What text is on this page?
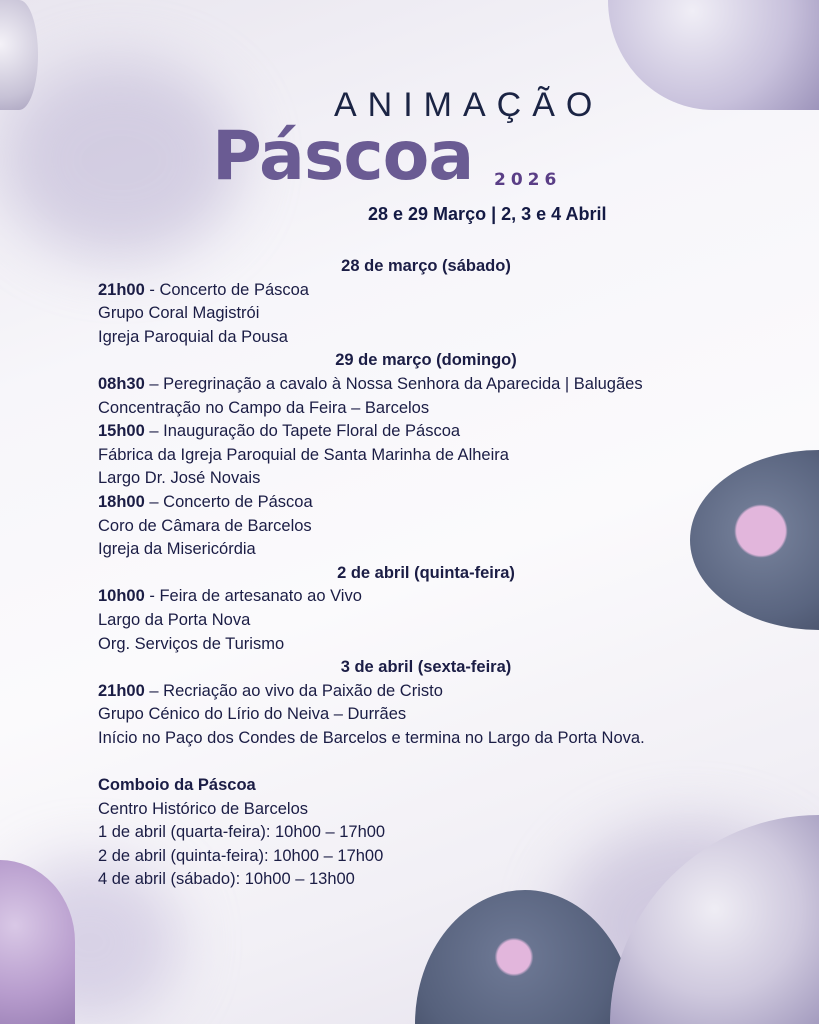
ANIMAÇÃO
Páscoa 2026
28 e 29 Março | 2, 3 e 4 Abril
28 de março (sábado)
21h00 - Concerto de Páscoa
Grupo Coral Magistrói
Igreja Paroquial da Pousa
29 de março (domingo)
08h30 – Peregrinação a cavalo à Nossa Senhora da Aparecida | Balugães
Concentração no Campo da Feira – Barcelos
15h00 – Inauguração do Tapete Floral de Páscoa
Fábrica da Igreja Paroquial de Santa Marinha de Alheira
Largo Dr. José Novais
18h00 – Concerto de Páscoa
Coro de Câmara de Barcelos
Igreja da Misericórdia
2 de abril (quinta-feira)
10h00 - Feira de artesanato ao Vivo
Largo da Porta Nova
Org. Serviços de Turismo
3 de abril (sexta-feira)
21h00 – Recriação ao vivo da Paixão de Cristo
Grupo Cénico do Lírio do Neiva – Durrães
Início no Paço dos Condes de Barcelos e termina no Largo da Porta Nova.
Comboio da Páscoa
Centro Histórico de Barcelos
1 de abril (quarta-feira): 10h00 – 17h00
2 de abril (quinta-feira): 10h00 – 17h00
4 de abril (sábado): 10h00 – 13h00
